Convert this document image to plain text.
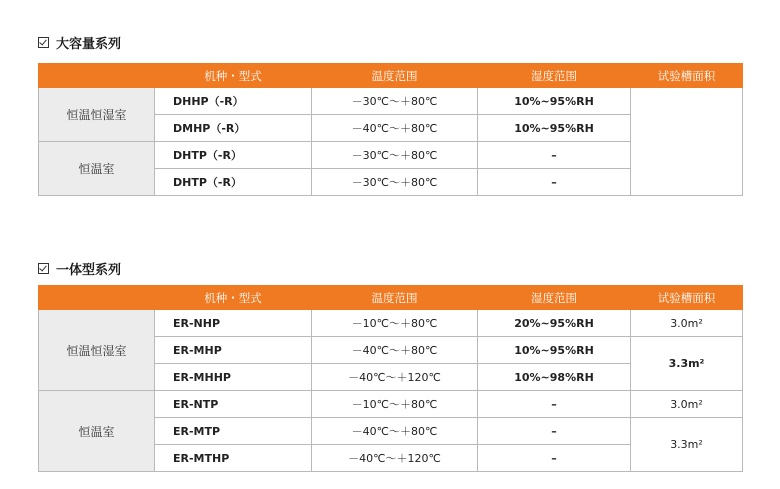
大容量系列
	机种・型式	温度范围	湿度范围	试验槽面积
恒温恒湿室	DHHP（-R）	－30℃～＋80℃	10%~95%RH	
	DMHP（-R）	－40℃～＋80℃	10%~95%RH	
恒温室	DHTP（-R）	－30℃～＋80℃	–	
	DHTP（-R）	－30℃～＋80℃	–	
一体型系列
	机种・型式	温度范围	湿度范围	试验槽面积
恒温恒湿室	ER-NHP	－10℃～＋80℃	20%~95%RH	3.0m²
	ER-MHP	－40℃～＋80℃	10%~95%RH	3.3m²
	ER-MHHP	－40℃～＋120℃	10%~98%RH	
恒温室	ER-NTP	－10℃～＋80℃	–	3.0m²
	ER-MTP	－40℃～＋80℃	–	3.3m²
	ER-MTHP	－40℃～＋120℃	–	
